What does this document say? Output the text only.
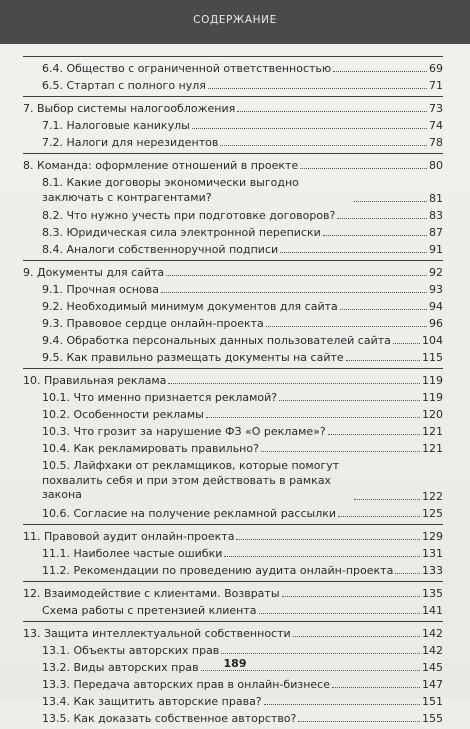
СОДЕРЖАНИЕ
6.4. Общество с ограниченной ответственностью	69
6.5. Стартап с полного нуля	71
7. Выбор системы налогообложения	73
7.1. Налоговые каникулы	74
7.2. Налоги для нерезидентов	78
8. Команда: оформление отношений в проекте	80
8.1. Какие договоры экономически выгодно заключать с контрагентами?	81
8.2. Что нужно учесть при подготовке договоров?	83
8.3. Юридическая сила электронной переписки	87
8.4. Аналоги собственноручной подписи	91
9. Документы для сайта	92
9.1. Прочная основа	93
9.2. Необходимый минимум документов для сайта	94
9.3. Правовое сердце онлайн-проекта	96
9.4. Обработка персональных данных пользователей сайта	104
9.5. Как правильно размещать документы на сайте	115
10. Правильная реклама	119
10.1. Что именно признается рекламой?	119
10.2. Особенности рекламы	120
10.3. Что грозит за нарушение ФЗ «О рекламе»?	121
10.4. Как рекламировать правильно?	121
10.5. Лайфхаки от рекламщиков, которые помогут похвалить себя и при этом действовать в рамках закона	122
10.6. Согласие на получение рекламной рассылки	125
11. Правовой аудит онлайн-проекта	129
11.1. Наиболее частые ошибки	131
11.2. Рекомендации по проведению аудита онлайн-проекта	133
12. Взаимодействие с клиентами. Возвраты	135
Схема работы с претензией клиента	141
13. Защита интеллектуальной собственности	142
13.1. Объекты авторских прав	142
13.2. Виды авторских прав	145
13.3. Передача авторских прав в онлайн-бизнесе	147
13.4. Как защитить авторские права?	151
13.5. Как доказать собственное авторство?	155
189
